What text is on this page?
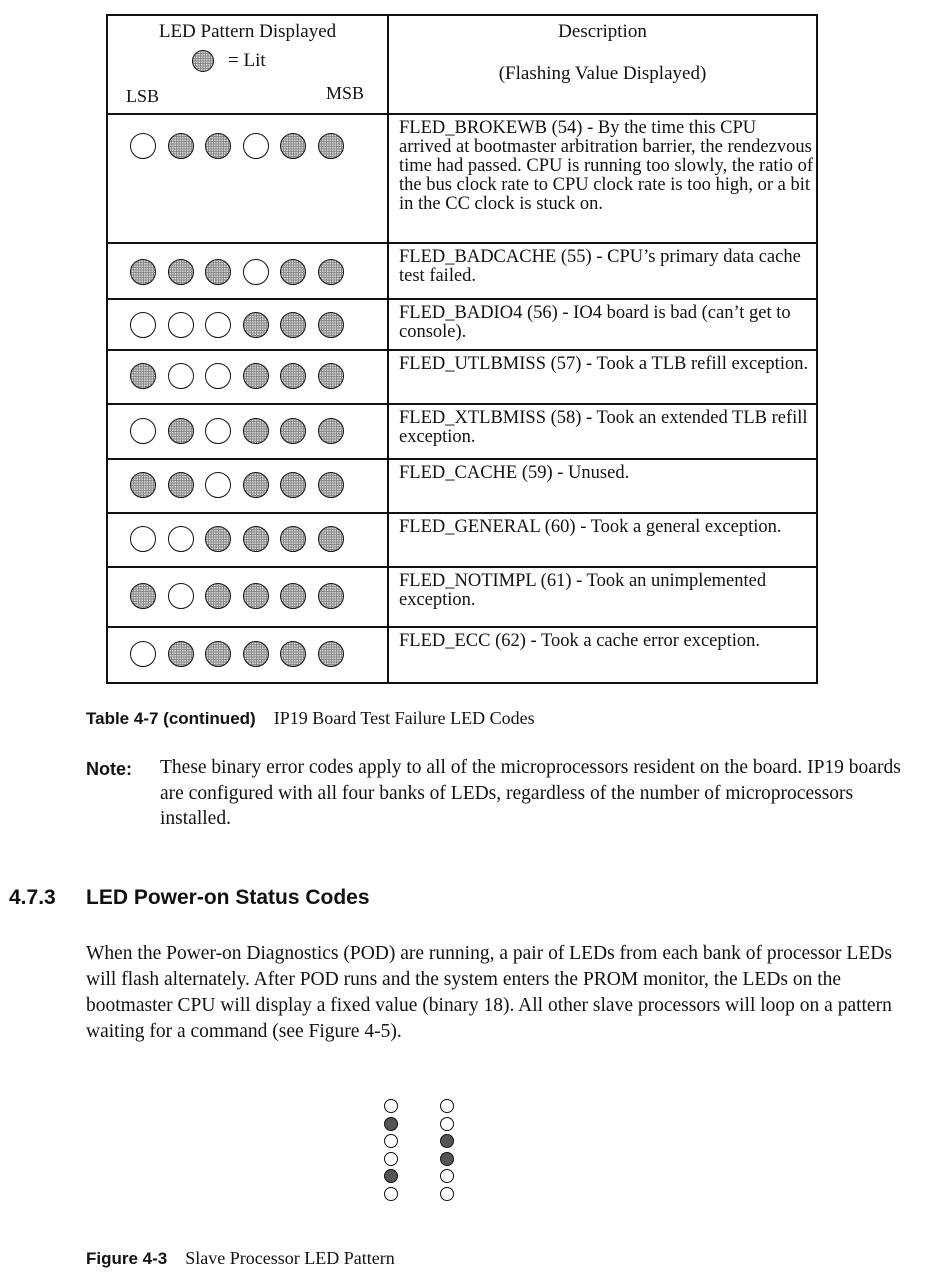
LED Pattern Displayed
= Lit
LSB	MSB
Description
(Flashing Value Displayed)
FLED_BROKEWB (54) - By the time this CPU arrived at bootmaster arbitration barrier, the rendezvous time had passed. CPU is running too slowly, the ratio of the bus clock rate to CPU clock rate is too high, or a bit in the CC clock is stuck on.
FLED_BADCACHE (55) - CPU’s primary data cache test failed.
FLED_BADIO4 (56) - IO4 board is bad (can’t get to console).
FLED_UTLBMISS (57) - Took a TLB refill exception.
FLED_XTLBMISS (58) - Took an extended TLB refill exception.
FLED_CACHE (59) - Unused.
FLED_GENERAL (60) - Took a general exception.
FLED_NOTIMPL (61) - Took an unimplemented exception.
FLED_ECC (62) - Took a cache error exception.
Table 4-7 (continued) IP19 Board Test Failure LED Codes
Note: These binary error codes apply to all of the microprocessors resident on the board. IP19 boards are configured with all four banks of LEDs, regardless of the number of microprocessors installed.
4.7.3 LED Power-on Status Codes
When the Power-on Diagnostics (POD) are running, a pair of LEDs from each bank of processor LEDs will flash alternately. After POD runs and the system enters the PROM monitor, the LEDs on the bootmaster CPU will display a fixed value (binary 18). All other slave processors will loop on a pattern waiting for a command (see Figure 4-5).
Figure 4-3 Slave Processor LED Pattern
